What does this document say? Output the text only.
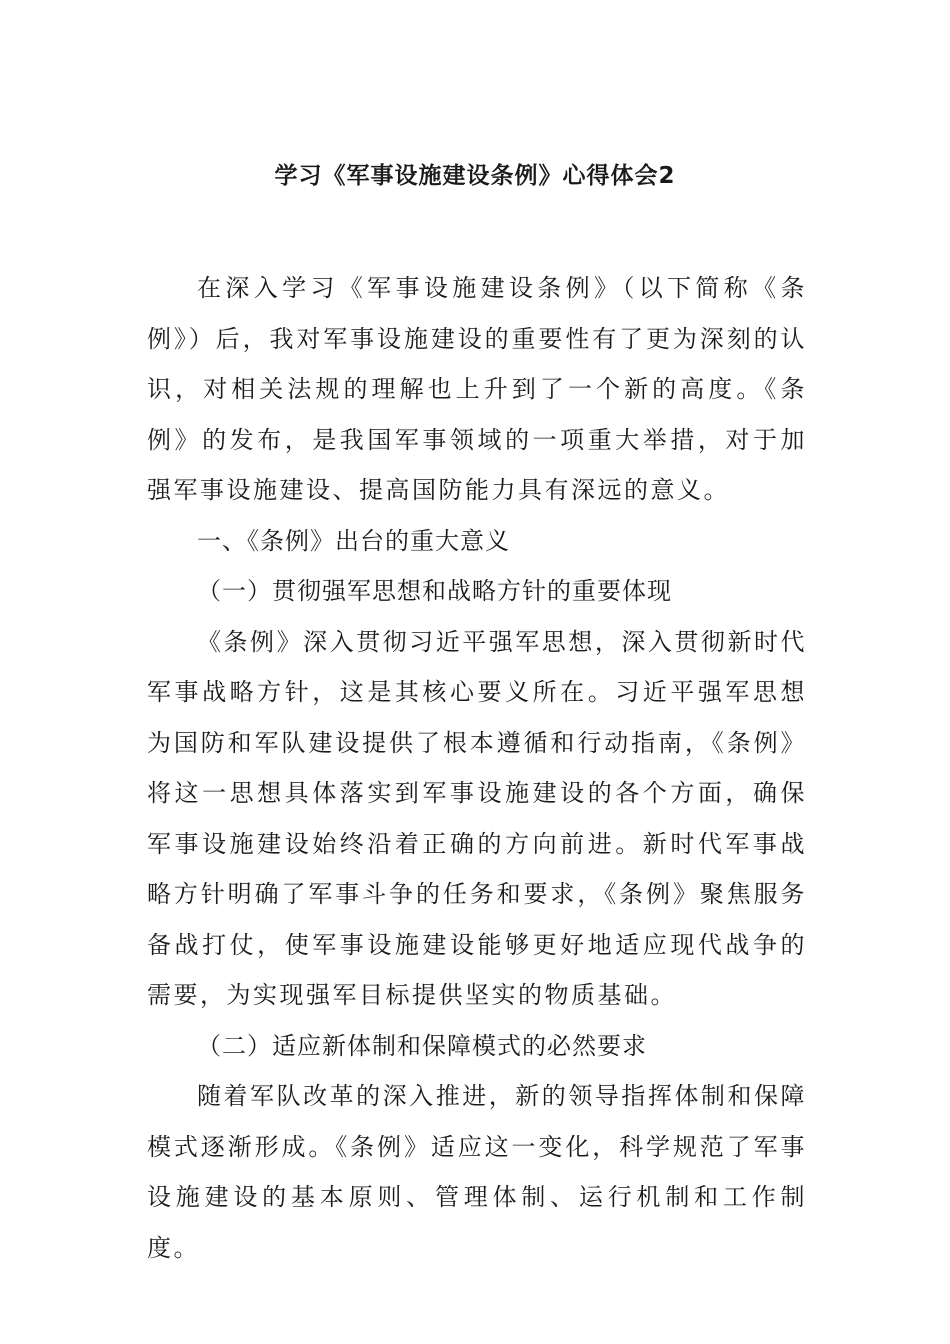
学习《军事设施建设条例》心得体会2

在深入学习《军事设施建设条例》（以下简称《条例》）后，我对军事设施建设的重要性有了更为深刻的认识，对相关法规的理解也上升到了一个新的高度。《条例》的发布，是我国军事领域的一项重大举措，对于加强军事设施建设、提高国防能力具有深远的意义。

一、《条例》出台的重大意义

（一）贯彻强军思想和战略方针的重要体现

《条例》深入贯彻习近平强军思想，深入贯彻新时代军事战略方针，这是其核心要义所在。习近平强军思想为国防和军队建设提供了根本遵循和行动指南，《条例》将这一思想具体落实到军事设施建设的各个方面，确保军事设施建设始终沿着正确的方向前进。新时代军事战略方针明确了军事斗争的任务和要求，《条例》聚焦服务备战打仗，使军事设施建设能够更好地适应现代战争的需要，为实现强军目标提供坚实的物质基础。

（二）适应新体制和保障模式的必然要求

随着军队改革的深入推进，新的领导指挥体制和保障模式逐渐形成。《条例》适应这一变化，科学规范了军事设施建设的基本原则、管理体制、运行机制和工作制度。
